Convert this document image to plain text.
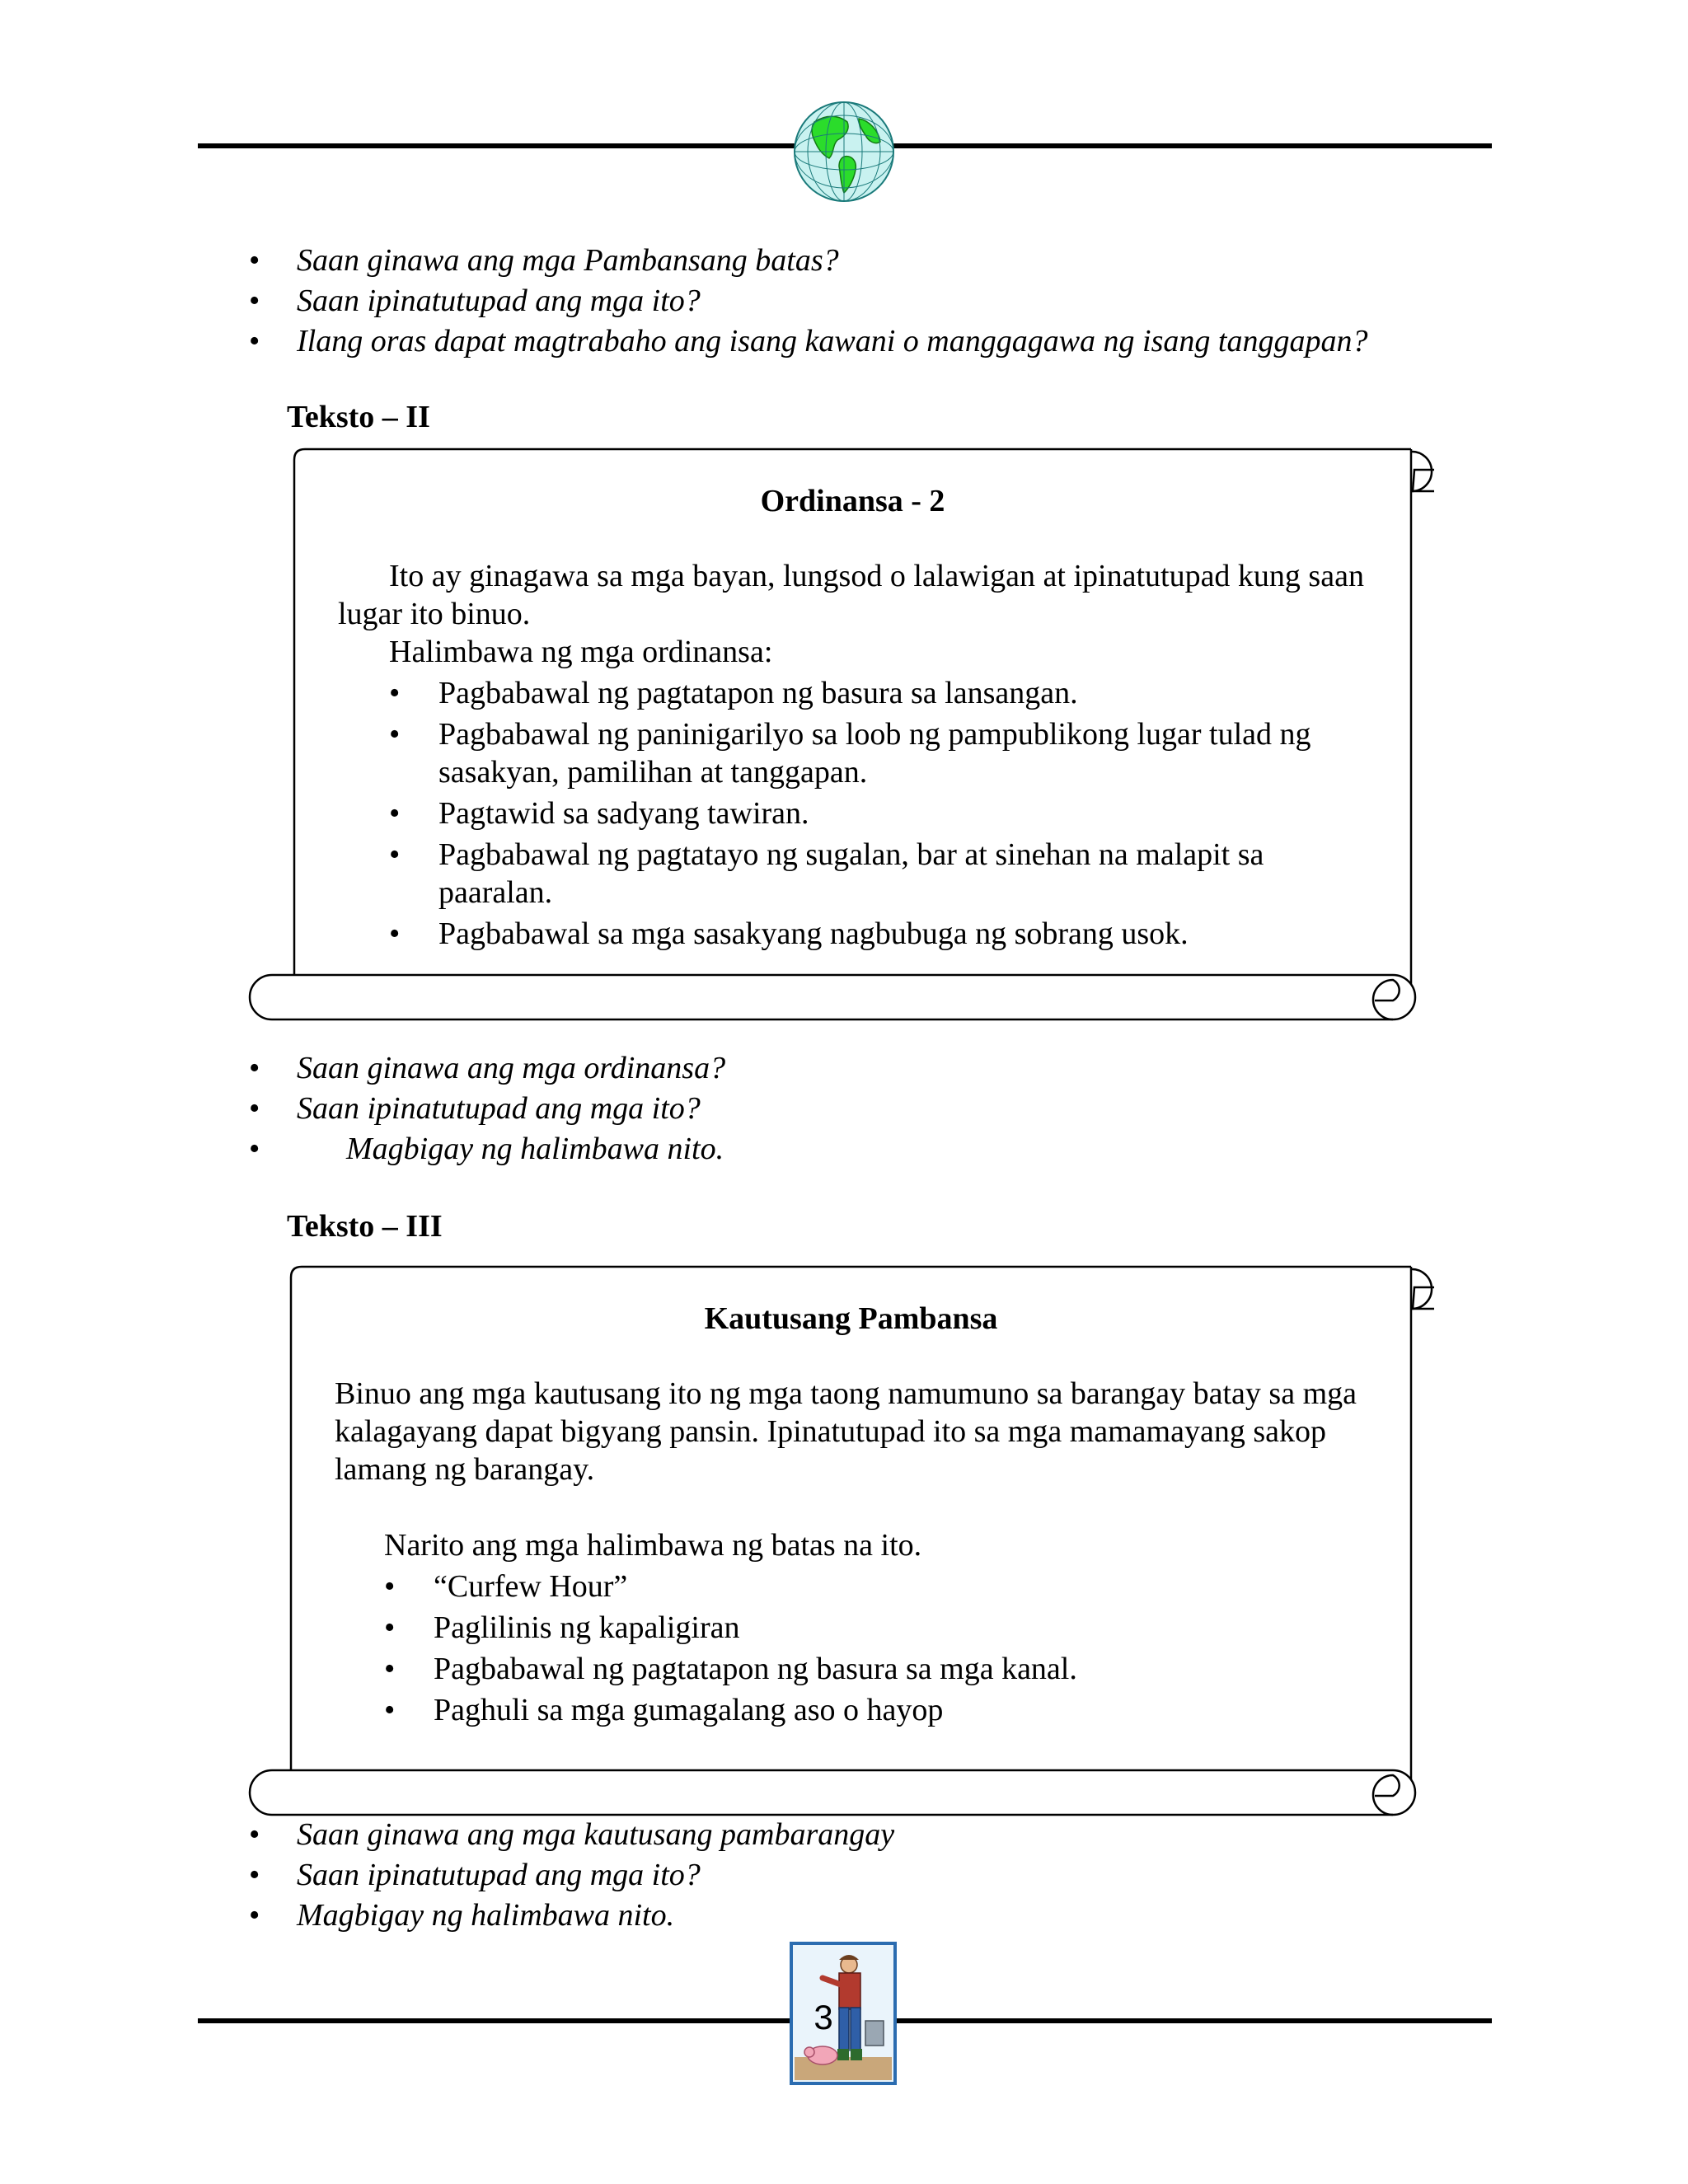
• Saan ginawa ang mga Pambansang batas?
• Saan ipinatutupad ang mga ito?
• Ilang oras dapat magtrabaho ang isang kawani o manggagawa ng isang tanggapan?
Teksto – II
Ordinansa - 2
Ito ay ginagawa sa mga bayan, lungsod o lalawigan at ipinatutupad kung saan lugar ito binuo.
Halimbawa ng mga ordinansa:
• Pagbabawal ng pagtatapon ng basura sa lansangan.
• Pagbabawal ng paninigarilyo sa loob ng pampublikong lugar tulad ng sasakyan, pamilihan at tanggapan.
• Pagtawid sa sadyang tawiran.
• Pagbabawal ng pagtatayo ng sugalan, bar at sinehan na malapit sa paaralan.
• Pagbabawal sa mga sasakyang nagbubuga ng sobrang usok.
• Saan ginawa ang mga ordinansa?
• Saan ipinatutupad ang mga ito?
• Magbigay ng halimbawa nito.
Teksto – III
Kautusang Pambansa
Binuo ang mga kautusang ito ng mga taong namumuno sa barangay batay sa mga kalagayang dapat bigyang pansin. Ipinatutupad ito sa mga mamamayang sakop lamang ng barangay.
Narito ang mga halimbawa ng batas na ito.
• “Curfew Hour”
• Paglilinis ng kapaligiran
• Pagbabawal ng pagtatapon ng basura sa mga kanal.
• Paghuli sa mga gumagalang aso o hayop
• Saan ginawa ang mga kautusang pambarangay
• Saan ipinatutupad ang mga ito?
• Magbigay ng halimbawa nito.
3
